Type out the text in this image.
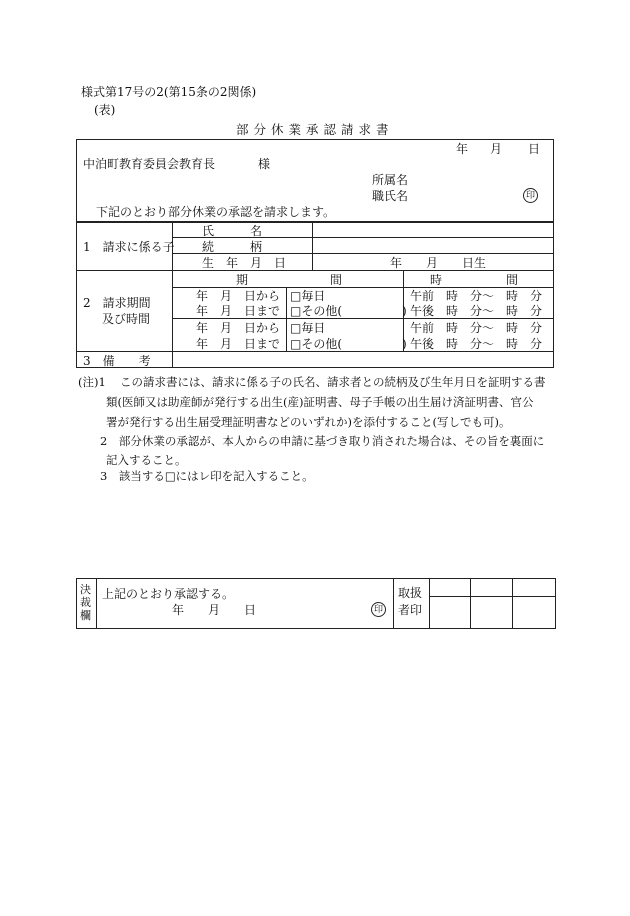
様式第17号の2(第15条の2関係)
(表)
部分休業承認請求書
年 月 日
中泊町教育委員会教育長	様
所属名
職氏名	印
下記のとおり部分休業の承認を請求します。
1　請求に係る子
氏　　　名
続　　　柄
生　年　月　日	年　　月　　日生
期	間	時	間
2　請求期間
及び時間
年　月　日から □毎日	午前　時　分〜　時　分
年　月　日まで □その他(　　　　　) 午後　時　分〜　時　分
年　月　日から □毎日	午前　時　分〜　時　分
年　月　日まで □その他(　　　　　) 午後　時　分〜　時　分
3　備　　考
(注)1 この請求書には、請求に係る子の氏名、請求者との続柄及び生年月日を証明する書
類(医師又は助産師が発行する出生(産)証明書、母子手帳の出生届け済証明書、官公
署が発行する出生届受理証明書などのいずれか)を添付すること(写しでも可)。
2　部分休業の承認が、本人からの申請に基づき取り消された場合は、その旨を裏面に
記入すること。
3　該当する□にはレ印を記入すること。
決裁欄
上記のとおり承認する。
年　　月　　日	印
取扱
者印
